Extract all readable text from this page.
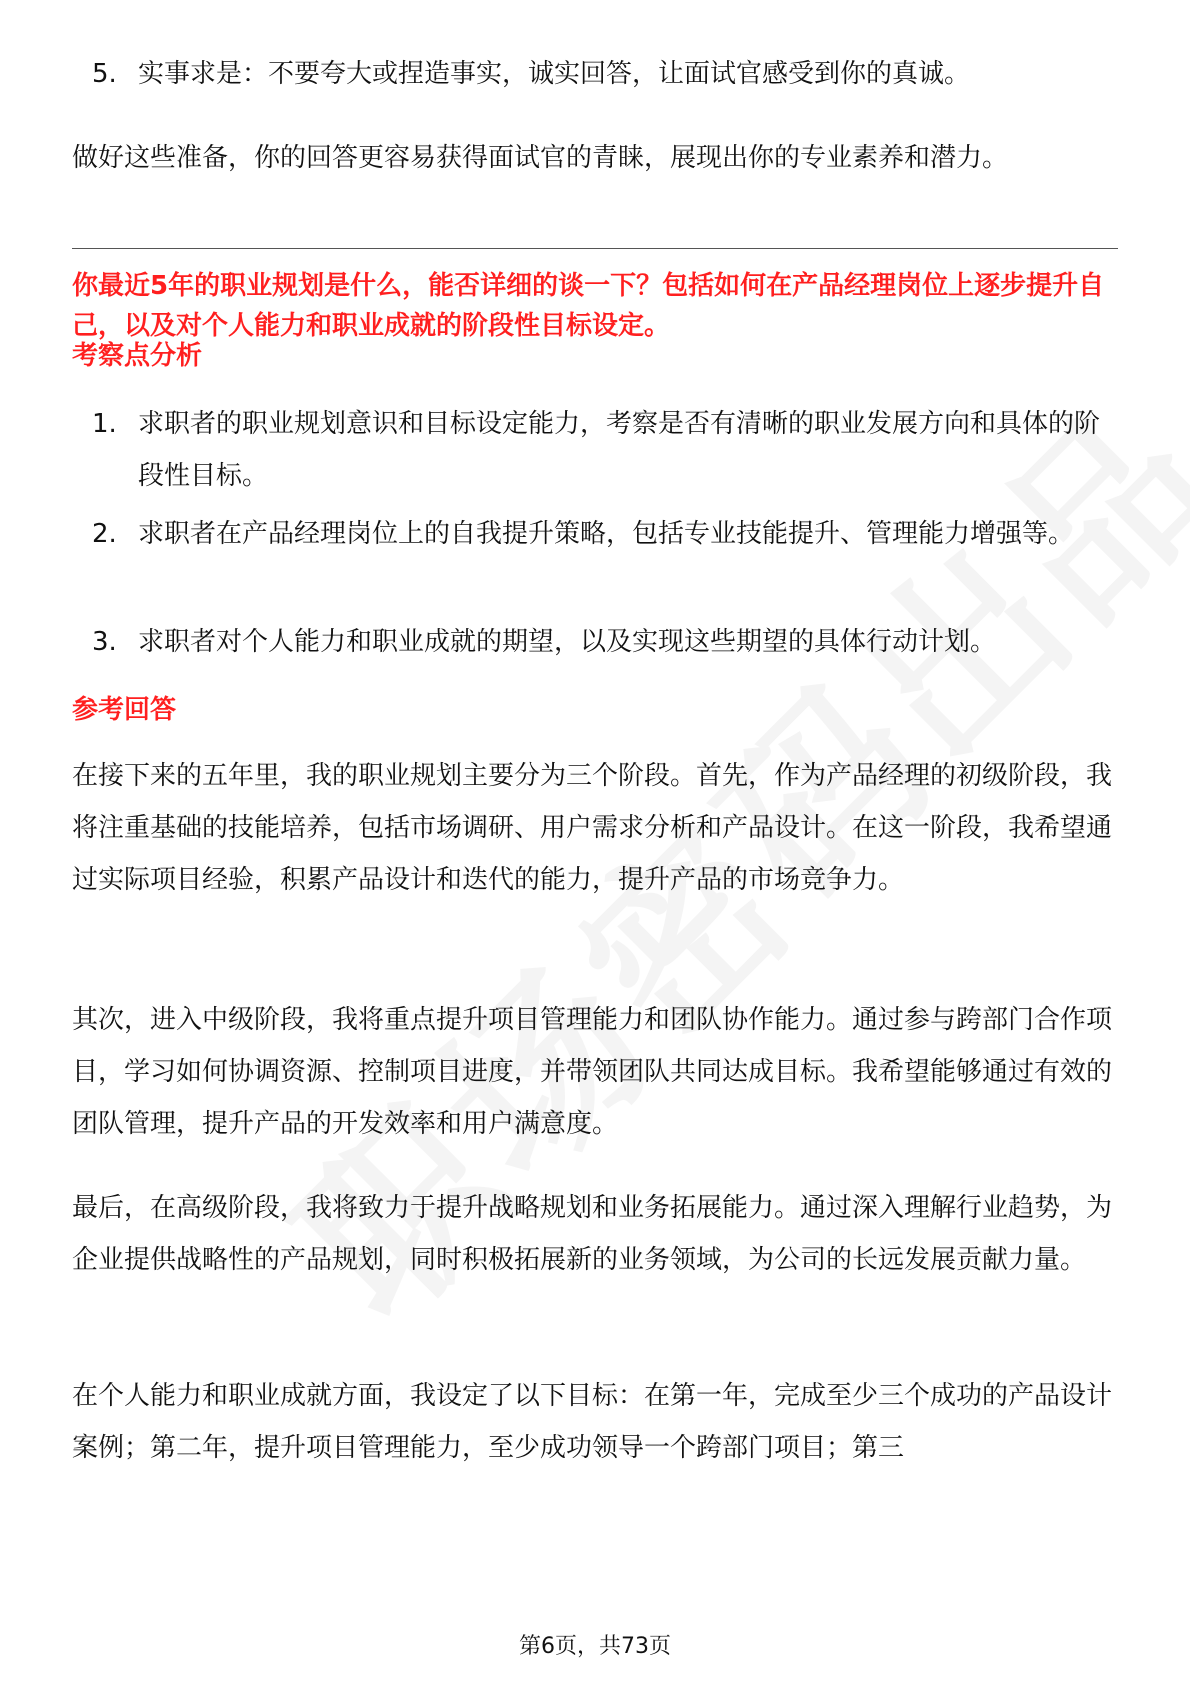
5. 实事求是：不要夸大或捏造事实，诚实回答，让面试官感受到你的真诚。
做好这些准备，你的回答更容易获得面试官的青睐，展现出你的专业素养和潜力。
你最近5年的职业规划是什么，能否详细的谈一下？包括如何在产品经理岗位上逐步提升自己，以及对个人能力和职业成就的阶段性目标设定。
考察点分析
1. 求职者的职业规划意识和目标设定能力，考察是否有清晰的职业发展方向和具体的阶段性目标。
2. 求职者在产品经理岗位上的自我提升策略，包括专业技能提升、管理能力增强等。
3. 求职者对个人能力和职业成就的期望，以及实现这些期望的具体行动计划。
参考回答
在接下来的五年里，我的职业规划主要分为三个阶段。首先，作为产品经理的初级阶段，我将注重基础的技能培养，包括市场调研、用户需求分析和产品设计。在这一阶段，我希望通过实际项目经验，积累产品设计和迭代的能力，提升产品的市场竞争力。
其次，进入中级阶段，我将重点提升项目管理能力和团队协作能力。通过参与跨部门合作项目，学习如何协调资源、控制项目进度，并带领团队共同达成目标。我希望能够通过有效的团队管理，提升产品的开发效率和用户满意度。
最后，在高级阶段，我将致力于提升战略规划和业务拓展能力。通过深入理解行业趋势，为企业提供战略性的产品规划，同时积极拓展新的业务领域，为公司的长远发展贡献力量。
在个人能力和职业成就方面，我设定了以下目标：在第一年，完成至少三个成功的产品设计案例；第二年，提升项目管理能力，至少成功领导一个跨部门项目；第三
第6页，共73页
